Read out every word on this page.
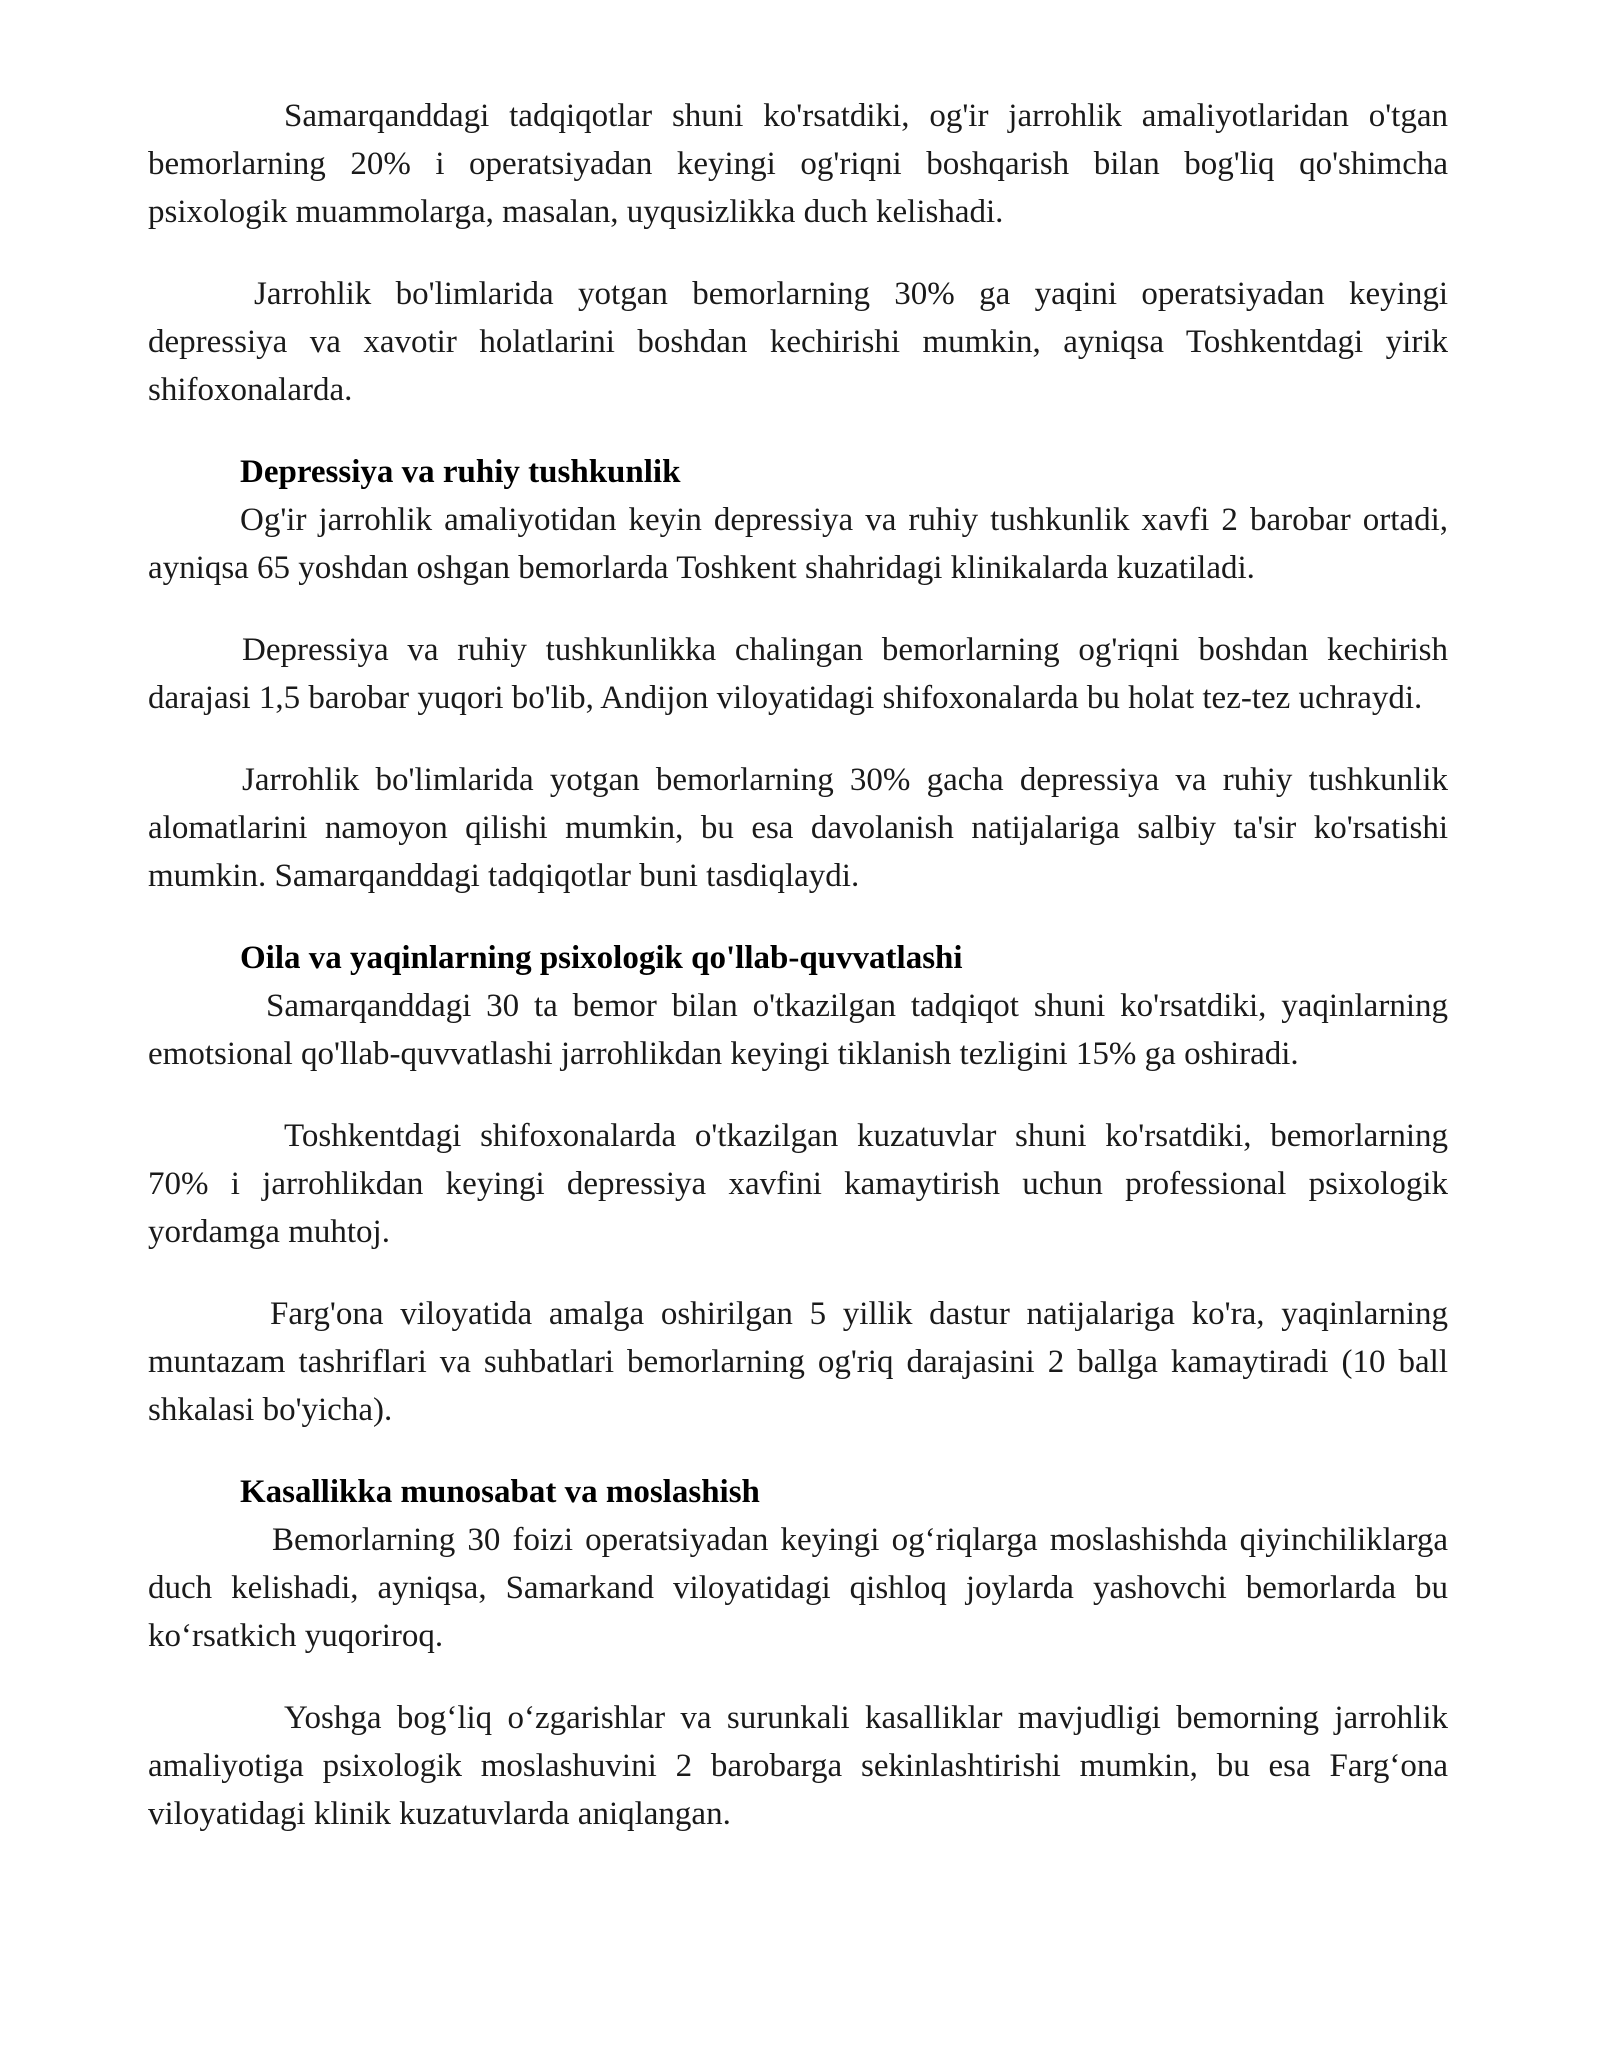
Samarqanddagi tadqiqotlar shuni ko'rsatdiki, og'ir jarrohlik amaliyotlaridan o'tgan bemorlarning 20% i operatsiyadan keyingi og'riqni boshqarish bilan bog'liq qo'shimcha psixologik muammolarga, masalan, uyqusizlikka duch kelishadi.

Jarrohlik bo'limlarida yotgan bemorlarning 30% ga yaqini operatsiyadan keyingi depressiya va xavotir holatlarini boshdan kechirishi mumkin, ayniqsa Toshkentdagi yirik shifoxonalarda.

Depressiya va ruhiy tushkunlik

Og'ir jarrohlik amaliyotidan keyin depressiya va ruhiy tushkunlik xavfi 2 barobar ortadi, ayniqsa 65 yoshdan oshgan bemorlarda Toshkent shahridagi klinikalarda kuzatiladi.

Depressiya va ruhiy tushkunlikka chalingan bemorlarning og'riqni boshdan kechirish darajasi 1,5 barobar yuqori bo'lib, Andijon viloyatidagi shifoxonalarda bu holat tez-tez uchraydi.

Jarrohlik bo'limlarida yotgan bemorlarning 30% gacha depressiya va ruhiy tushkunlik alomatlarini namoyon qilishi mumkin, bu esa davolanish natijalariga salbiy ta'sir ko'rsatishi mumkin. Samarqanddagi tadqiqotlar buni tasdiqlaydi.

Oila va yaqinlarning psixologik qo'llab-quvvatlashi

Samarqanddagi 30 ta bemor bilan o'tkazilgan tadqiqot shuni ko'rsatdiki, yaqinlarning emotsional qo'llab-quvvatlashi jarrohlikdan keyingi tiklanish tezligini 15% ga oshiradi.

Toshkentdagi shifoxonalarda o'tkazilgan kuzatuvlar shuni ko'rsatdiki, bemorlarning 70% i jarrohlikdan keyingi depressiya xavfini kamaytirish uchun professional psixologik yordamga muhtoj.

Farg'ona viloyatida amalga oshirilgan 5 yillik dastur natijalariga ko'ra, yaqinlarning muntazam tashriflari va suhbatlari bemorlarning og'riq darajasini 2 ballga kamaytiradi (10 ball shkalasi bo'yicha).

Kasallikka munosabat va moslashish

Bemorlarning 30 foizi operatsiyadan keyingi og‘riqlarga moslashishda qiyinchiliklarga duch kelishadi, ayniqsa, Samarkand viloyatidagi qishloq joylarda yashovchi bemorlarda bu ko‘rsatkich yuqoriroq.

Yoshga bog‘liq o‘zgarishlar va surunkali kasalliklar mavjudligi bemorning jarrohlik amaliyotiga psixologik moslashuvini 2 barobarga sekinlashtirishi mumkin, bu esa Farg‘ona viloyatidagi klinik kuzatuvlarda aniqlangan.
